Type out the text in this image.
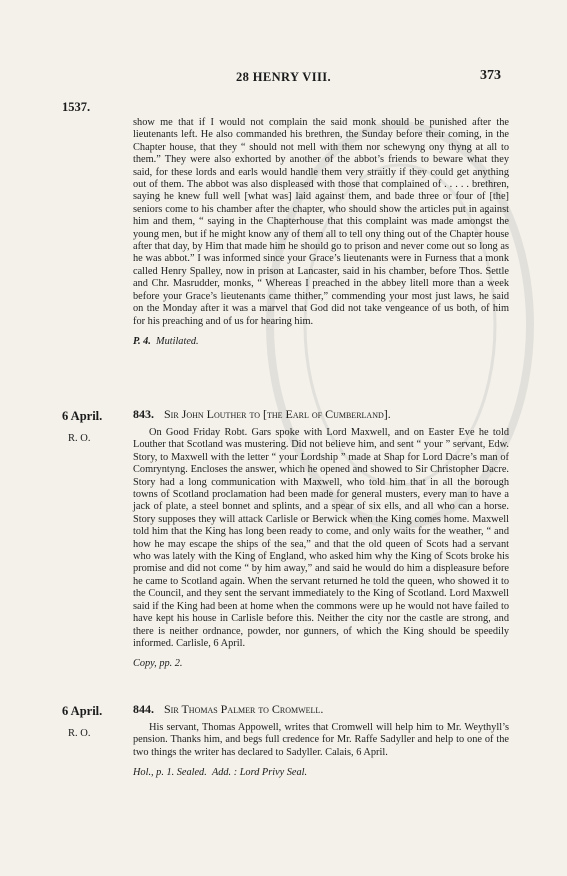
28 HENRY VIII.	373
1537.

show me that if I would not complain the said monk should be punished after the lieutenants left. He also commanded his brethren, the Sunday before their coming, in the Chapter house, that they “ should not mell with them nor schewyng ony thyng at all to them.” They were also exhorted by another of the abbot’s friends to beware what they said, for these lords and earls would handle them very straitly if they could get anything out of them. The abbot was also displeased with those that complained of . . . . . brethren, saying he knew full well [what was] laid against them, and bade three or four of [the] seniors come to his chamber after the chapter, who should show the articles put in against him and them, “ saying in the Chapterhouse that this complaint was made amongst the young men, but if he might know any of them all to tell ony thing out of the Chapter house after that day, by Him that made him he should go to prison and never come out so long as he was abbot.” I was informed since your Grace’s lieutenants were in Furness that a monk called Henry Spalley, now in prison at Lancaster, said in his chamber, before Thos. Settle and Chr. Masrudder, monks, “ Whereas I preached in the abbey litell more than a week before your Grace’s lieutenants came thither,” commending your most just laws, he said on the Monday after it was a marvel that God did not take vengeance of us both, of him for his preaching and of us for hearing him.

P. 4. Mutilated.
6 April.
R. O.
843. Sir John Louther to [the Earl of Cumberland].

On Good Friday Robt. Gars spoke with Lord Maxwell, and on Easter Eve he told Louther that Scotland was mustering. Did not believe him, and sent “ your ” servant, Edw. Story, to Maxwell with the letter “ your Lordship ” made at Shap for Lord Dacre’s man of Comryntyng. Encloses the answer, which he opened and showed to Sir Christopher Dacre. Story had a long communication with Maxwell, who told him that in all the borough towns of Scotland proclamation had been made for general musters, every man to have a jack of plate, a steel bonnet and splints, and a spear of six ells, and all who can a horse. Story supposes they will attack Carlisle or Berwick when the King comes home. Maxwell told him that the King has long been ready to come, and only waits for the weather, “ and how he may escape the ships of the sea,” and that the old queen of Scots had a servant who was lately with the King of England, who asked him why the King of Scots broke his promise and did not come “ by him away,” and said he would do him a displeasure before he came to Scotland again. When the servant returned he told the queen, who showed it to the Council, and they sent the servant immediately to the King of Scotland. Lord Maxwell said if the King had been at home when the commons were up he would not have failed to have kept his house in Carlisle before this. Neither the city nor the castle are strong, and there is neither ordnance, powder, nor gunners, of which the King should be speedily informed. Carlisle, 6 April.

Copy, pp. 2.
6 April.
R. O.
844. Sir Thomas Palmer to Cromwell.

His servant, Thomas Appowell, writes that Cromwell will help him to Mr. Weythyll’s pension. Thanks him, and begs full credence for Mr. Raffe Sadyller and help to one of the two things the writer has declared to Sadyller. Calais, 6 April.

Hol., p. 1. Sealed. Add. : Lord Privy Seal.
